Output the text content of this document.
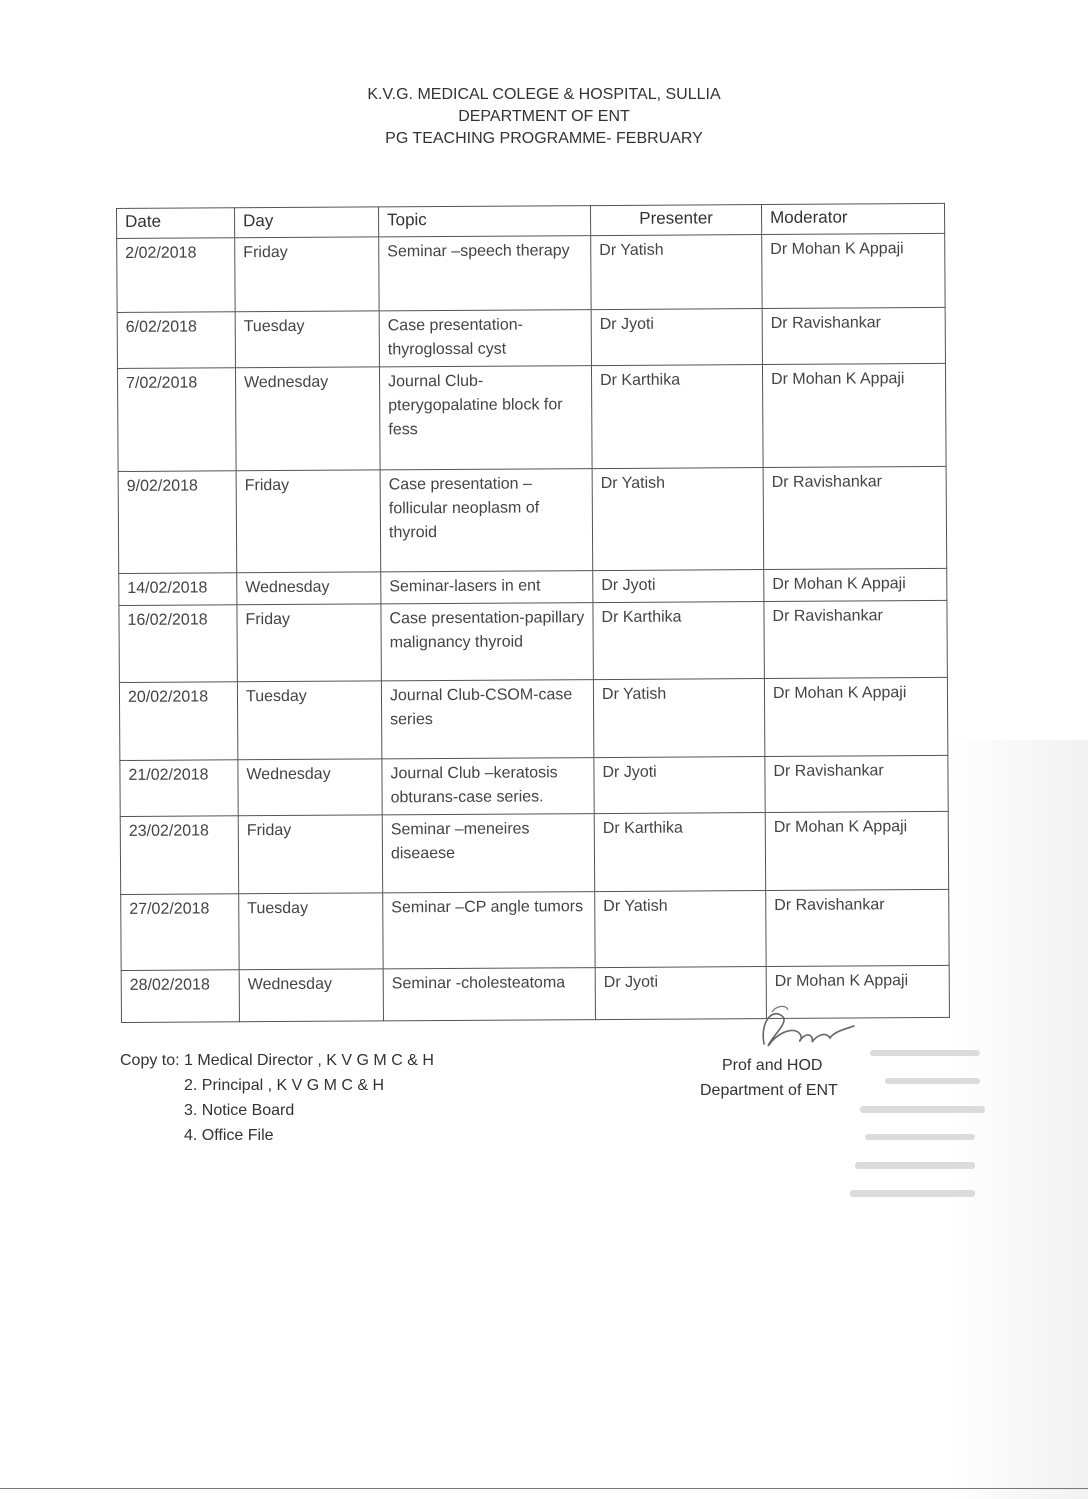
K.V.G. MEDICAL COLEGE & HOSPITAL, SULLIA
DEPARTMENT OF ENT
PG TEACHING PROGRAMME- FEBRUARY
Date	Day	Topic	Presenter	Moderator
2/02/2018	Friday	Seminar –speech therapy	Dr Yatish	Dr Mohan K Appaji
6/02/2018	Tuesday	Case presentation-thyroglossal cyst	Dr Jyoti	Dr Ravishankar
7/02/2018	Wednesday	Journal Club-pterygopalatine block for fess	Dr Karthika	Dr Mohan K Appaji
9/02/2018	Friday	Case presentation – follicular neoplasm of thyroid	Dr Yatish	Dr Ravishankar
14/02/2018	Wednesday	Seminar-lasers in ent	Dr Jyoti	Dr Mohan K Appaji
16/02/2018	Friday	Case presentation-papillary malignancy thyroid	Dr Karthika	Dr Ravishankar
20/02/2018	Tuesday	Journal Club-CSOM-case series	Dr Yatish	Dr Mohan K Appaji
21/02/2018	Wednesday	Journal Club –keratosis obturans-case series.	Dr Jyoti	Dr Ravishankar
23/02/2018	Friday	Seminar –meneires diseaese	Dr Karthika	Dr Mohan K Appaji
27/02/2018	Tuesday	Seminar –CP angle tumors	Dr Yatish	Dr Ravishankar
28/02/2018	Wednesday	Seminar -cholesteatoma	Dr Jyoti	Dr Mohan K Appaji
Copy to: 1 Medical Director , K V G M C & H
2. Principal , K V G M C & H
3. Notice Board
4. Office File
Prof and HOD
Department of ENT
